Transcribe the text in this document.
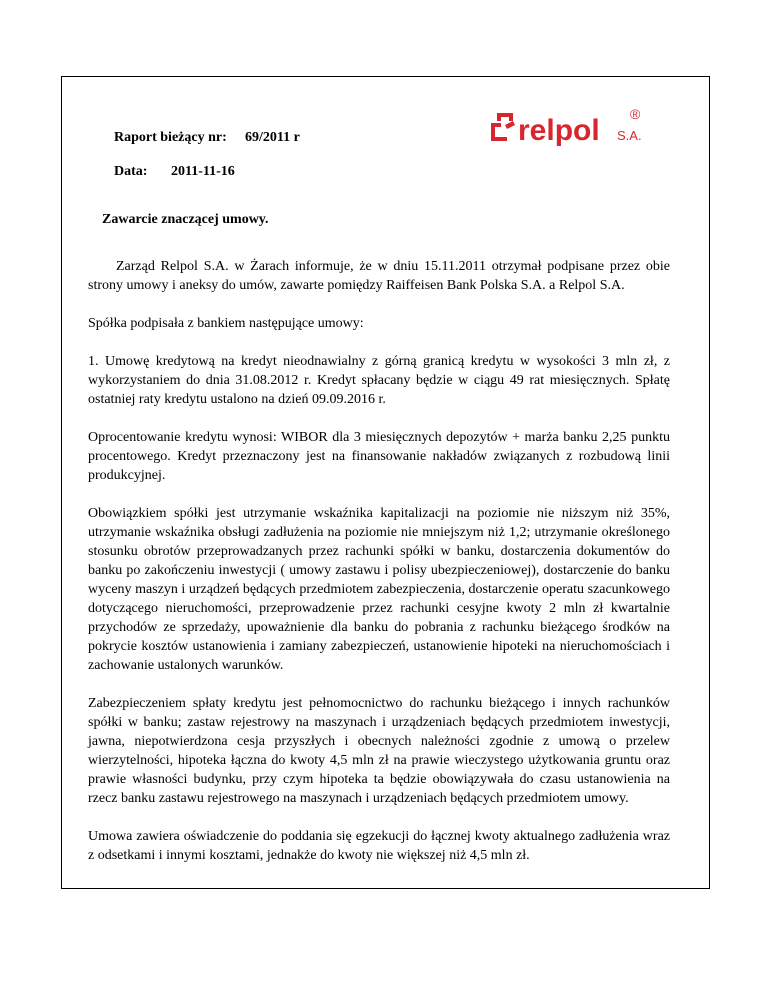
relpol S.A.
®
Raport bieżący nr: 69/2011 r
Data: 2011-11-16
Zawarcie znaczącej umowy.

Zarząd Relpol S.A. w Żarach informuje, że w dniu 15.11.2011 otrzymał podpisane przez obie strony umowy i aneksy do umów, zawarte pomiędzy Raiffeisen Bank Polska S.A. a Relpol S.A.

Spółka podpisała z bankiem następujące umowy:

1. Umowę kredytową na kredyt nieodnawialny z górną granicą kredytu w wysokości 3 mln zł, z wykorzystaniem do dnia 31.08.2012 r. Kredyt spłacany będzie w ciągu 49 rat miesięcznych. Spłatę ostatniej raty kredytu ustalono na dzień 09.09.2016 r.

Oprocentowanie kredytu wynosi: WIBOR dla 3 miesięcznych depozytów + marża banku 2,25 punktu procentowego. Kredyt przeznaczony jest na finansowanie nakładów związanych z rozbudową linii produkcyjnej.

Obowiązkiem spółki jest utrzymanie wskaźnika kapitalizacji na poziomie nie niższym niż 35%, utrzymanie wskaźnika obsługi zadłużenia na poziomie nie mniejszym niż 1,2; utrzymanie określonego stosunku obrotów przeprowadzanych przez rachunki spółki w banku, dostarczenia dokumentów do banku po zakończeniu inwestycji ( umowy zastawu i polisy ubezpieczeniowej), dostarczenie do banku wyceny maszyn i urządzeń będących przedmiotem zabezpieczenia, dostarczenie operatu szacunkowego dotyczącego nieruchomości, przeprowadzenie przez rachunki cesyjne kwoty 2 mln zł kwartalnie przychodów ze sprzedaży, upoważnienie dla banku do pobrania z rachunku bieżącego środków na pokrycie kosztów ustanowienia i zamiany zabezpieczeń, ustanowienie hipoteki na nieruchomościach i zachowanie ustalonych warunków.

Zabezpieczeniem spłaty kredytu jest pełnomocnictwo do rachunku bieżącego i innych rachunków spółki w banku; zastaw rejestrowy na maszynach i urządzeniach będących przedmiotem inwestycji, jawna, niepotwierdzona cesja przyszłych i obecnych należności zgodnie z umową o przelew wierzytelności, hipoteka łączna do kwoty 4,5 mln zł na prawie wieczystego użytkowania gruntu oraz prawie własności budynku, przy czym hipoteka ta będzie obowiązywała do czasu ustanowienia na rzecz banku zastawu rejestrowego na maszynach i urządzeniach będących przedmiotem umowy.

Umowa zawiera oświadczenie do poddania się egzekucji do łącznej kwoty aktualnego zadłużenia wraz z odsetkami i innymi kosztami, jednakże do kwoty nie większej niż 4,5 mln zł.
